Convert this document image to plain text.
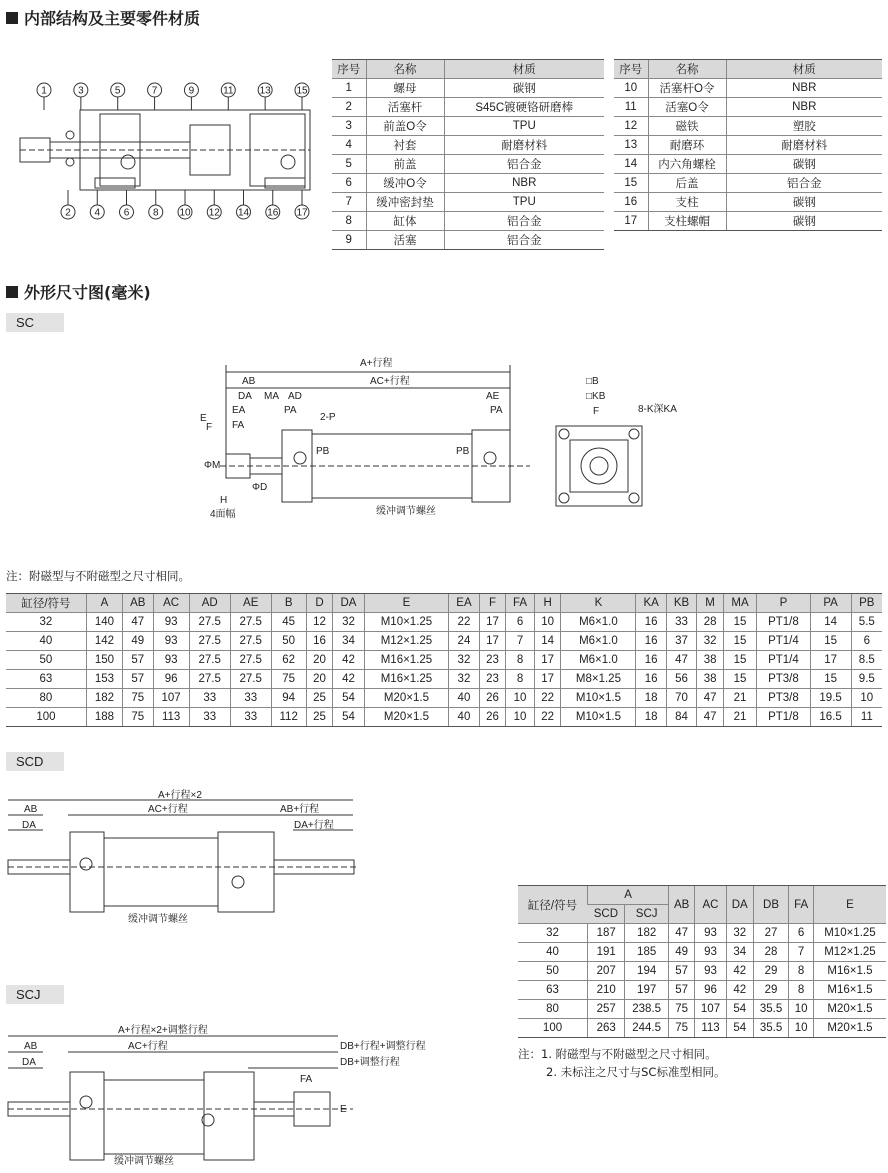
内部结构及主要零件材质
1	3	5	7	9	11	13	15
2 4 6 8 10 12 14 16 17
序号	名称	材质
1	螺母	碳钢
2	活塞杆	S45C镀硬铬研磨棒
3	前盖O令	TPU
4	衬套	耐磨材料
5	前盖	铝合金
6	缓冲O令	NBR
7	缓冲密封垫	TPU
8	缸体	铝合金
9	活塞	铝合金
序号	名称	材质
10	活塞杆O令	NBR
11	活塞O令	NBR
12	磁铁	塑胶
13	耐磨环	耐磨材料
14	内六角螺栓	碳钢
15	后盖	铝合金
16	支柱	碳钢
17	支柱螺帽	碳钢
外形尺寸图(毫米)
SC
A+行程
AB	AC+行程
DA MA AD	AE
EA	PA	PA
E
FA
2-P
F
PB	PB
ΦM
ΦD
H
4面幅	缓冲调节螺丝
□B
□KB
F	8-K深KA
注：附磁型与不附磁型之尺寸相同。
缸径/符号	A	AB	AC	AD	AE	B	D	DA	E	EA	F	FA	H	K	KA	KB	M	MA	P	PA	PB
32	140	47	93	27.5	27.5	45	12	32	M10×1.25	22	17	6	10	M6×1.0	16	33	28	15	PT1/8	14	5.5
40	142	49	93	27.5	27.5	50	16	34	M12×1.25	24	17	7	14	M6×1.0	16	37	32	15	PT1/4	15	6
50	150	57	93	27.5	27.5	62	20	42	M16×1.25	32	23	8	17	M6×1.0	16	47	38	15	PT1/4	17	8.5
63	153	57	96	27.5	27.5	75	20	42	M16×1.25	32	23	8	17	M8×1.25	16	56	38	15	PT3/8	15	9.5
80	182	75	107	33	33	94	25	54	M20×1.5	40	26	10	22	M10×1.5	18	70	47	21	PT3/8	19.5	10
100	188	75	113	33	33	112	25	54	M20×1.5	40	26	10	22	M10×1.5	18	84	47	21	PT1/8	16.5	11
SCD
A+行程×2
AB	AC+行程	AB+行程
DA	DA+行程
缓冲调节螺丝
缸径/符号	A		AB	AC	DA	DB	FA	E
	SCD	SCJ						
32	187	182	47	93	32	27	6	M10×1.25
40	191	185	49	93	34	28	7	M12×1.25
50	207	194	57	93	42	29	8	M16×1.5
63	210	197	57	96	42	29	8	M16×1.5
80	257	238.5	75	107	54	35.5	10	M20×1.5
100	263	244.5	75	113	54	35.5	10	M20×1.5
注：1. 附磁型与不附磁型之尺寸相同。
2. 未标注之尺寸与SC标准型相同。
SCJ
A+行程×2+调整行程
AB	AC+行程	DB+行程+调整行程
DA	DB+调整行程
FA
E
缓冲调节螺丝
